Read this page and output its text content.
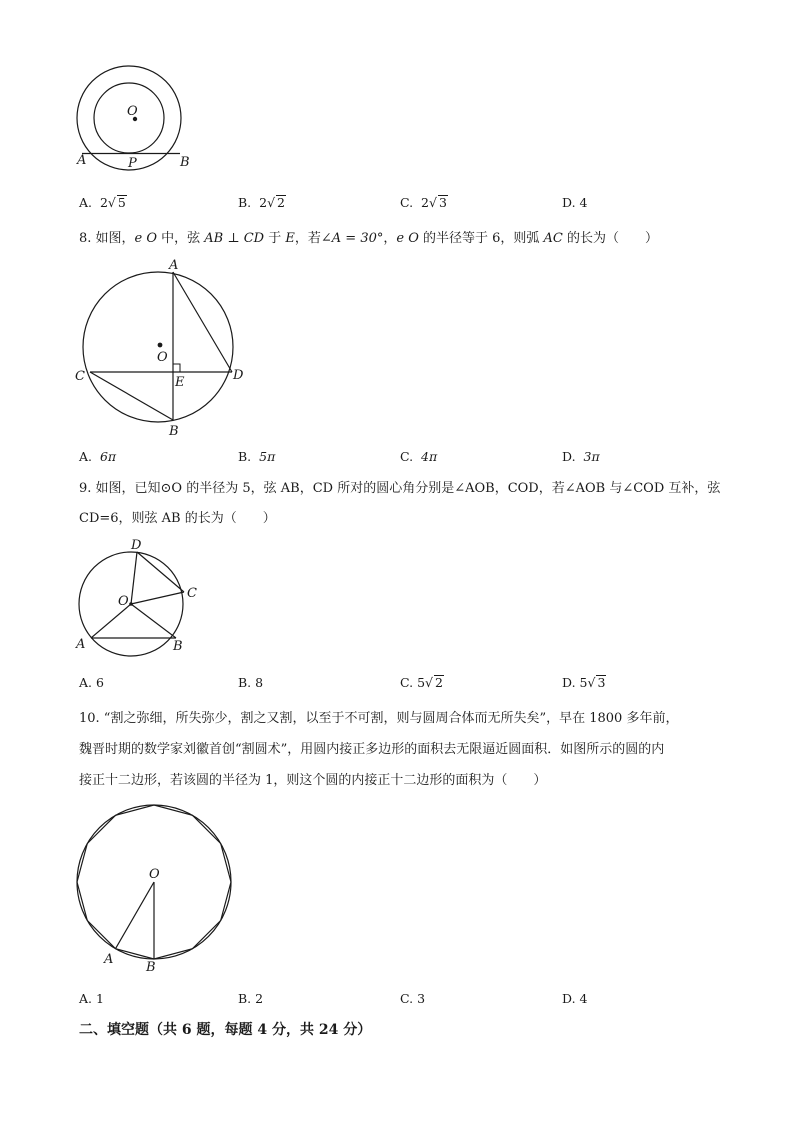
O
A	P	B
A. 2√ 5	B. 2√ 2	C. 2√ 3	D. 4
8. 如图，e O 中，弦 AB ⊥ CD 于 E，若∠A = 30°，e O 的半径等于 6，则弧 AC 的长为（　　）
A
O
C	E	D
B
A. 6π	B. 5π	C. 4π	D. 3π
9. 如图，已知⊙O 的半径为 5，弦 AB，CD 所对的圆心角分别是∠AOB，COD，若∠AOB 与∠COD 互补，弦
CD=6，则弦 AB 的长为（　　）
D
O
C
A	B
A. 6	B. 8	C. 5√ 2	D. 5√ 3
10. “割之弥细，所失弥少，割之又割，以至于不可割，则与圆周合体而无所失矣”，早在 1800 多年前，
魏晋时期的数学家刘徽首创“割圆术”，用圆内接正多边形的面积去无限逼近圆面积．如图所示的圆的内
接正十二边形，若该圆的半径为 1，则这个圆的内接正十二边形的面积为（　　）
O
A
B
A. 1	B. 2	C. 3	D. 4
二、填空题（共 6 题，每题 4 分，共 24 分）
